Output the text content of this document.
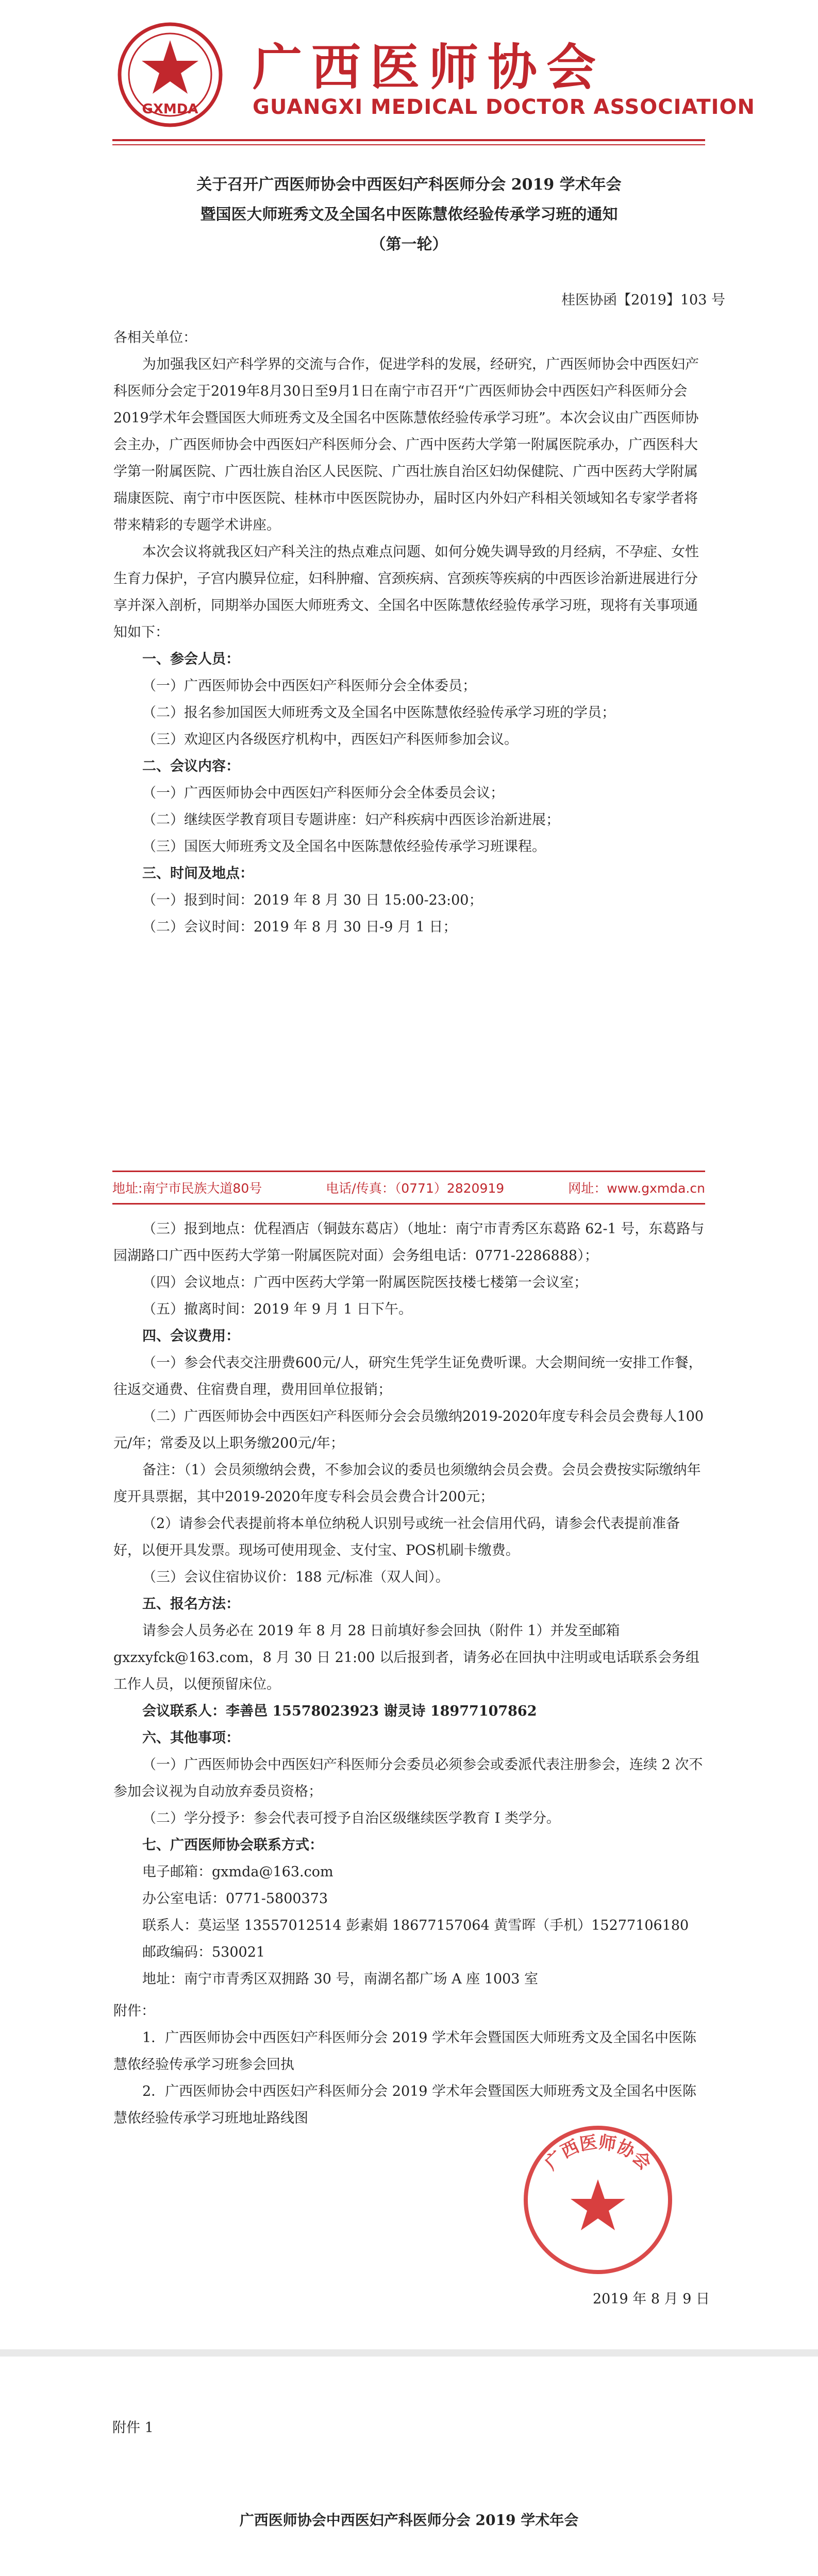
GXMDA
广西医师协会
GUANGXI MEDICAL DOCTOR ASSOCIATION
关于召开广西医师协会中西医妇产科医师分会 2019 学术年会
暨国医大师班秀文及全国名中医陈慧侬经验传承学习班的通知
（第一轮）
桂医协函【2019】103 号

各相关单位：

为加强我区妇产科学界的交流与合作，促进学科的发展，经研究，广西医师协会中西医妇产科医师分会定于2019年8月30日至9月1日在南宁市召开“广西医师协会中西医妇产科医师分会2019学术年会暨国医大师班秀文及全国名中医陈慧侬经验传承学习班”。本次会议由广西医师协会主办，广西医师协会中西医妇产科医师分会、广西中医药大学第一附属医院承办，广西医科大学第一附属医院、广西壮族自治区人民医院、广西壮族自治区妇幼保健院、广西中医药大学附属瑞康医院、南宁市中医医院、桂林市中医医院协办，届时区内外妇产科相关领域知名专家学者将带来精彩的专题学术讲座。

本次会议将就我区妇产科关注的热点难点问题、如何分娩失调导致的月经病，不孕症、女性生育力保护，子宫内膜异位症，妇科肿瘤、宫颈疾病、宫颈疾等疾病的中西医诊治新进展进行分享并深入剖析，同期举办国医大师班秀文、全国名中医陈慧侬经验传承学习班，现将有关事项通知如下：

一、参会人员：

（一）广西医师协会中西医妇产科医师分会全体委员；

（二）报名参加国医大师班秀文及全国名中医陈慧侬经验传承学习班的学员；

（三）欢迎区内各级医疗机构中，西医妇产科医师参加会议。

二、会议内容：

（一）广西医师协会中西医妇产科医师分会全体委员会议；

（二）继续医学教育项目专题讲座：妇产科疾病中西医诊治新进展；

（三）国医大师班秀文及全国名中医陈慧侬经验传承学习班课程。

三、时间及地点：

（一）报到时间：2019 年 8 月 30 日 15:00-23:00；

（二）会议时间：2019 年 8 月 30 日-9 月 1 日；

地址:南宁市民族大道80号	电话/传真：（0771）2820919	网址：www.gxmda.cn

（三）报到地点：优程酒店（铜鼓东葛店）（地址：南宁市青秀区东葛路 62-1 号，东葛路与园湖路口广西中医药大学第一附属医院对面）会务组电话：0771-2286888）；

（四）会议地点：广西中医药大学第一附属医院医技楼七楼第一会议室；

（五）撤离时间：2019 年 9 月 1 日下午。

四、会议费用：

（一）参会代表交注册费600元/人，研究生凭学生证免费听课。大会期间统一安排工作餐，往返交通费、住宿费自理，费用回单位报销；

（二）广西医师协会中西医妇产科医师分会会员缴纳2019-2020年度专科会员会费每人100元/年；常委及以上职务缴200元/年；

备注：（1）会员须缴纳会费，不参加会议的委员也须缴纳会员会费。会员会费按实际缴纳年度开具票据，其中2019-2020年度专科会员会费合计200元；

（2）请参会代表提前将本单位纳税人识别号或统一社会信用代码，请参会代表提前准备好，以便开具发票。现场可使用现金、支付宝、POS机刷卡缴费。

（三）会议住宿协议价：188 元/标准（双人间）。

五、报名方法：

请参会人员务必在 2019 年 8 月 28 日前填好参会回执（附件 1）并发至邮箱 gxzxyfck@163.com，8 月 30 日 21:00 以后报到者，请务必在回执中注明或电话联系会务组工作人员，以便预留床位。

会议联系人：李善邑 15578023923 谢灵诗 18977107862

六、其他事项：

（一）广西医师协会中西医妇产科医师分会委员必须参会或委派代表注册参会，连续 2 次不参加会议视为自动放弃委员资格；

（二）学分授予：参会代表可授予自治区级继续医学教育 I 类学分。

七、广西医师协会联系方式：

电子邮箱：gxmda@163.com

办公室电话：0771-5800373

联系人：莫运坚 13557012514 彭素娟 18677157064 黄雪晖（手机）15277106180

邮政编码：530021

地址：南宁市青秀区双拥路 30 号，南湖名都广场 A 座 1003 室

附件：

1．广西医师协会中西医妇产科医师分会 2019 学术年会暨国医大师班秀文及全国名中医陈慧侬经验传承学习班参会回执

2．广西医师协会中西医妇产科医师分会 2019 学术年会暨国医大师班秀文及全国名中医陈慧侬经验传承学习班地址路线图

广西医师协会
2019 年 8 月 9 日
附件 1
广西医师协会中西医妇产科医师分会 2019 学术年会
